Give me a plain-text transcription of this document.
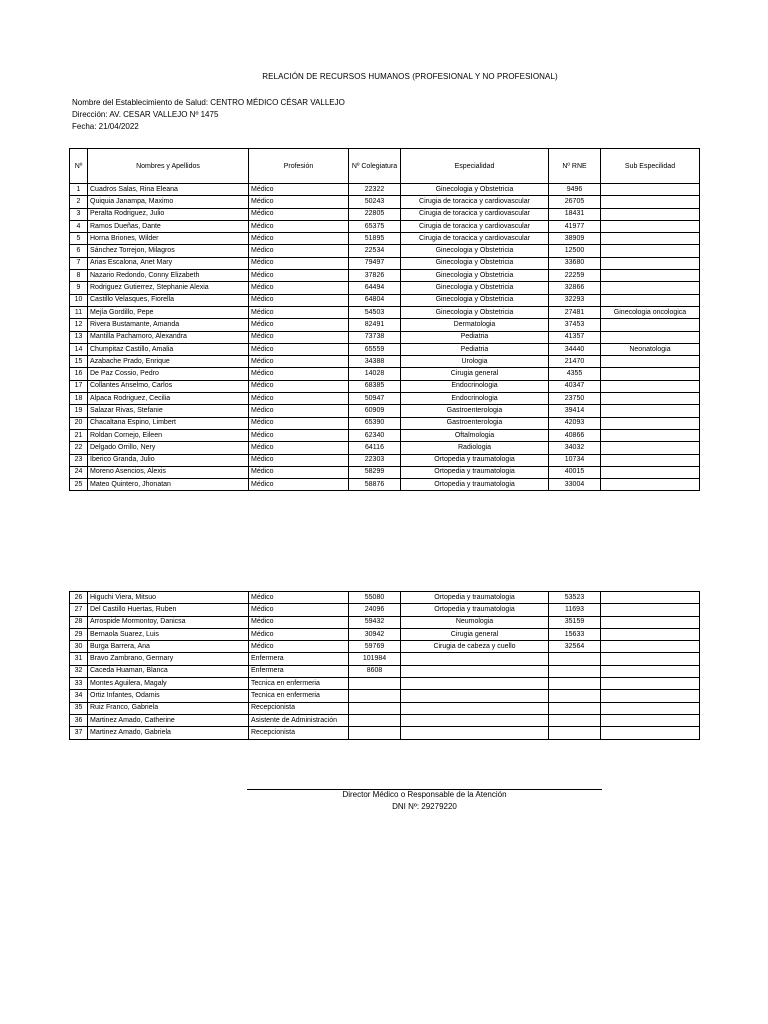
RELACIÓN DE RECURSOS HUMANOS (PROFESIONAL Y NO PROFESIONAL)
Nombre del Establecimiento de Salud: CENTRO MÉDICO CÉSAR VALLEJO
Dirección: AV. CESAR VALLEJO Nº 1475
Fecha: 21/04/2022
Nº	Nombres y Apellidos	Profesión	Nº Colegiatura	Especialidad	Nº RNE	Sub Especilidad
1	Cuadros Salas, Rina Eleana	Médico	22322	Ginecologia y Obstetricia	9496	
2	Quiquia Janampa, Maximo	Médico	50243	Cirugia de toracica y cardiovascular	26705	
3	Peralta Rodriguez, Julio	Médico	22805	Cirugia de toracica y cardiovascular	18431	
4	Ramos Dueñas, Dante	Médico	65375	Cirugia de toracica y cardiovascular	41977	
5	Horna Briones, Wilder	Médico	51895	Cirugia de toracica y cardiovascular	38909	
6	Sánchez Torrejon, Milagros	Médico	22534	Ginecologia y Obstetricia	12500	
7	Arias Escalona, Anet Mary	Médico	79497	Ginecologia y Obstetricia	33680	
8	Nazario Redondo, Conny Elizabeth	Médico	37826	Ginecologia y Obstetricia	22259	
9	Rodriguez Gutierrez, Stephanie Alexia	Médico	64494	Ginecologia y Obstetricia	32866	
10	Castillo Velasques, Fiorella	Médico	64804	Ginecologia y Obstetricia	32293	
11	Mejía Gordillo, Pepe	Médico	54503	Ginecologia y Obstetricia	27481	Ginecologia oncologica
12	Rivera Bustamante, Amanda	Médico	82491	Dermatologia	37453	
13	Mantilla Pachamoro, Alexandra	Médico	73738	Pediatria	41357	
14	Chumpitaz Castillo, Amalia	Médico	65559	Pediatria	34440	Neonatologia
15	Azabache Prado, Enrique	Médico	34388	Urologia	21470	
16	De Paz Cossio, Pedro	Médico	14028	Cirugia general	4355	
17	Collantes Anselmo, Carlos	Médico	68385	Endocrinologia	40347	
18	Alpaca Rodriguez, Cecilia	Médico	50947	Endocrinologia	23750	
19	Salazar Rivas, Stefanie	Médico	60909	Gastroenterologia	39414	
20	Chacaltana Espino, Limbert	Médico	65390	Gastroenterologia	42093	
21	Roldan Cornejo, Eileen	Médico	62340	Oftalmologia	40866	
22	Delgado Orrillo, Nery	Médico	64116	Radiologia	34032	
23	Iberico Granda, Julio	Médico	22303	Ortopedia y traumatologia	10734	
24	Moreno Asencios, Alexis	Médico	58299	Ortopedia y traumatologia	40015	
25	Mateo Quintero, Jhonatan	Médico	58876	Ortopedia y traumatologia	33004	
26	Higuchi Viera, Mitsuo	Médico	55080	Ortopedia y traumatologia	53523	
27	Del Castillo Huertas, Ruben	Médico	24096	Ortopedia y traumatologia	11693	
28	Arrospide Mormontoy, Danicsa	Médico	59432	Neumologia	35159	
29	Bernaola Suarez, Luis	Médico	30942	Cirugia general	15633	
30	Burga Barrera, Ana	Médico	59769	Cirugia de cabeza y cuello	32564	
31	Bravo Zambrano, Germary	Enfermera	101984			
32	Caceda Huaman, Blanca	Enfermera	8608			
33	Montes Aguilera, Magaly	Tecnica en enfermeria				
34	Ortiz Infantes, Odamis	Tecnica en enfermeria				
35	Ruiz Franco, Gabriela	Recepcionista				
36	Martinez Amado, Catherine	Asistente de Administración				
37	Martinez Amado, Gabriela	Recepcionista				
Director Médico o Responsable de la Atención
DNI Nº: 29279220
